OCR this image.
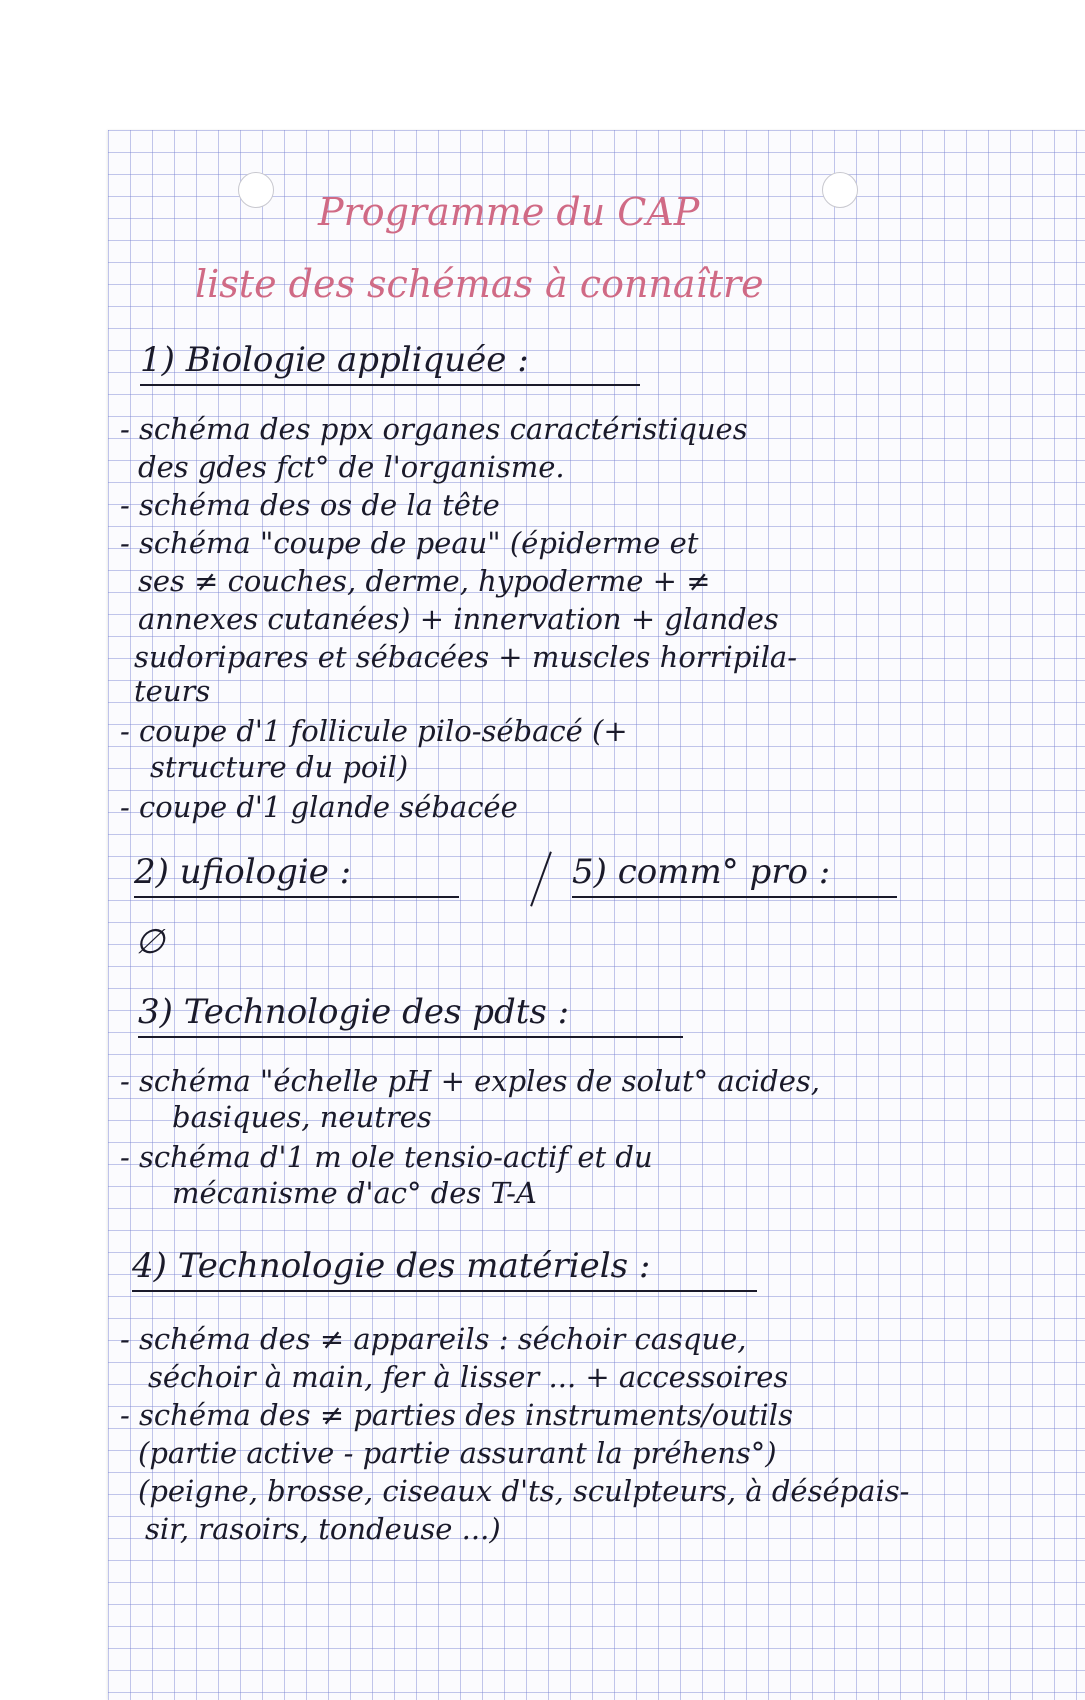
Programme du CAP
liste des schémas à connaître
1) Biologie appliquée :
- schéma des ppx organes caractéristiques
des gdes fct° de l'organisme.
- schéma des os de la tête
- schéma "coupe de peau" (épiderme et
ses ≠ couches, derme, hypoderme + ≠
annexes cutanées) + innervation + glandes
sudoripares et sébacées + muscles horripila-
teurs
- coupe d'1 follicule pilo-sébacé (+
structure du poil)
- coupe d'1 glande sébacée
2) ufiologie :	5) comm° pro :
∅
3) Technologie des pdts :
- schéma "échelle pH + exples de solut° acides,
basiques, neutres
- schéma d'1 m ole tensio-actif et du
mécanisme d'ac° des T-A
4) Technologie des matériels :
- schéma des ≠ appareils : séchoir casque,
séchoir à main, fer à lisser ... + accessoires
- schéma des ≠ parties des instruments/outils
(partie active - partie assurant la préhens°)
(peigne, brosse, ciseaux d'ts, sculpteurs, à désépais-
sir, rasoirs, tondeuse ...)
